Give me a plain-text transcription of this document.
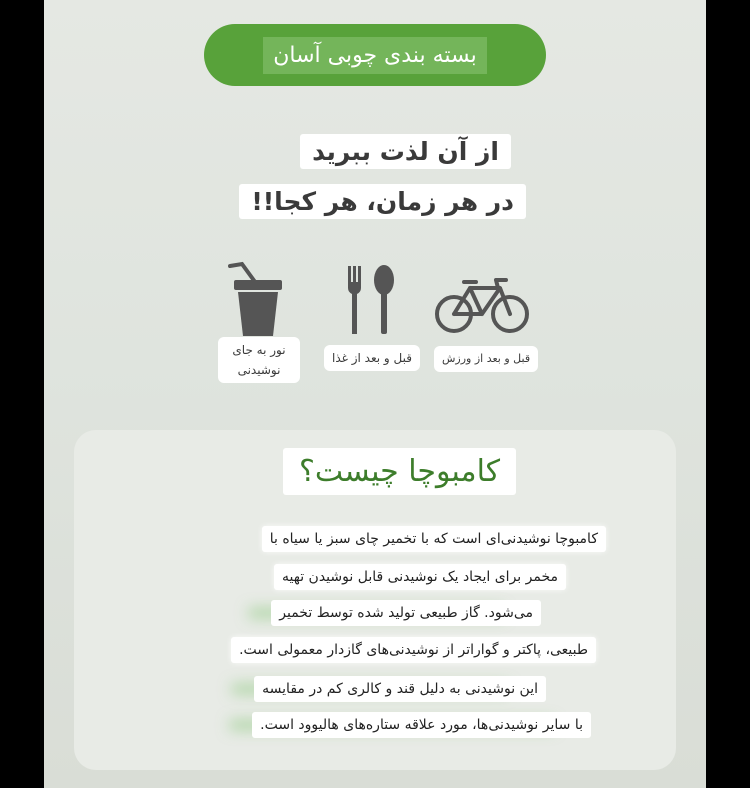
بسته بندی چوبی آسان
از آن لذت ببرید
در هر زمان، هر کجا!!
نور به جای
نوشیدنی
قبل و بعد از غذا	قبل و بعد از ورزش
کامبوچا چیست؟
کامبوچا نوشیدنی‌ای است که با تخمیر چای سبز یا سیاه با
مخمر برای ایجاد یک نوشیدنی قابل نوشیدن تهیه
می‌شود. گاز طبیعی تولید شده توسط تخمیر
طبیعی، پاکتر و گواراتر از نوشیدنی‌های گازدار معمولی است.
این نوشیدنی به دلیل قند و کالری کم در مقایسه
با سایر نوشیدنی‌ها، مورد علاقه ستاره‌های هالیوود است.
